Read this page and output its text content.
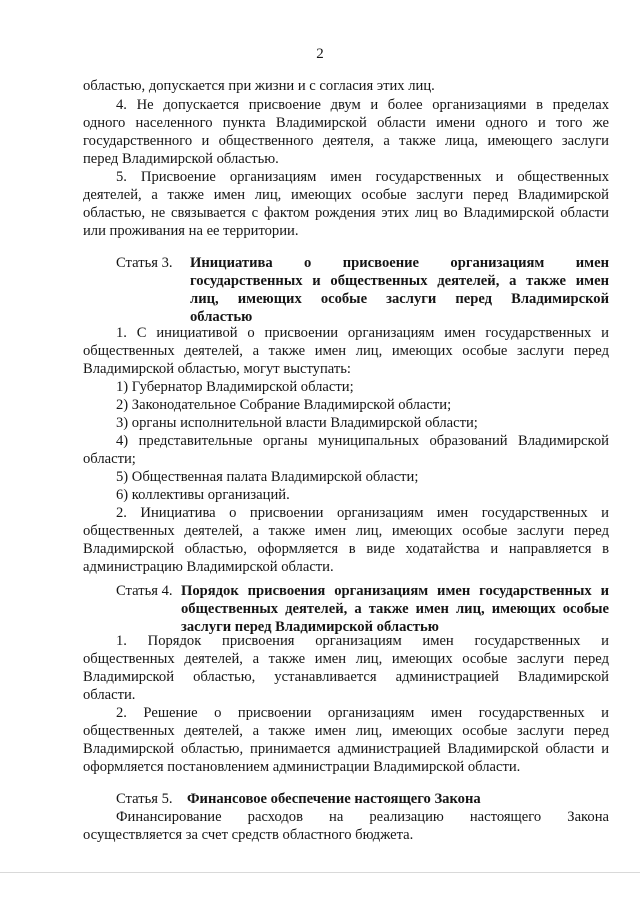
2

областью, допускается при жизни и с согласия этих лиц.

4. Не допускается присвоение двум и более организациями в пределах

одного населенного пункта Владимирской области имени одного и того же

государственного и общественного деятеля, а также лица, имеющего заслуги

перед Владимирской областью.

5. Присвоение организациям имен государственных и общественных

деятелей, а также имен лиц, имеющих особые заслуги перед Владимирской

областью, не связывается с фактом рождения этих лиц во Владимирской области

или проживания на ее территории.

Статья 3. Инициатива о присвоение организациям имен
государственных и общественных деятелей, а также имен
лиц, имеющих особые заслуги перед Владимирской
областью

1. С инициативой о присвоении организациям имен государственных и

общественных деятелей, а также имен лиц, имеющих особые заслуги перед

Владимирской областью, могут выступать:

1) Губернатор Владимирской области;

2) Законодательное Собрание Владимирской области;

3) органы исполнительной власти Владимирской области;

4) представительные органы муниципальных образований Владимирской

области;

5) Общественная палата Владимирской области;

6) коллективы организаций.

2. Инициатива о присвоении организациям имен государственных и

общественных деятелей, а также имен лиц, имеющих особые заслуги перед

Владимирской областью, оформляется в виде ходатайства и направляется в

администрацию Владимирской области.

Статья 4. Порядок присвоения организациям имен государственных и
общественных деятелей, а также имен лиц, имеющих особые
заслуги перед Владимирской областью

1. Порядок присвоения организациям имен государственных и

общественных деятелей, а также имен лиц, имеющих особые заслуги перед

Владимирской областью, устанавливается администрацией Владимирской

области.

2. Решение о присвоении организациям имен государственных и

общественных деятелей, а также имен лиц, имеющих особые заслуги перед

Владимирской областью, принимается администрацией Владимирской области и

оформляется постановлением администрации Владимирской области.

Статья 5. Финансовое обеспечение настоящего Закона

Финансирование расходов на реализацию настоящего Закона

осуществляется за счет средств областного бюджета.
